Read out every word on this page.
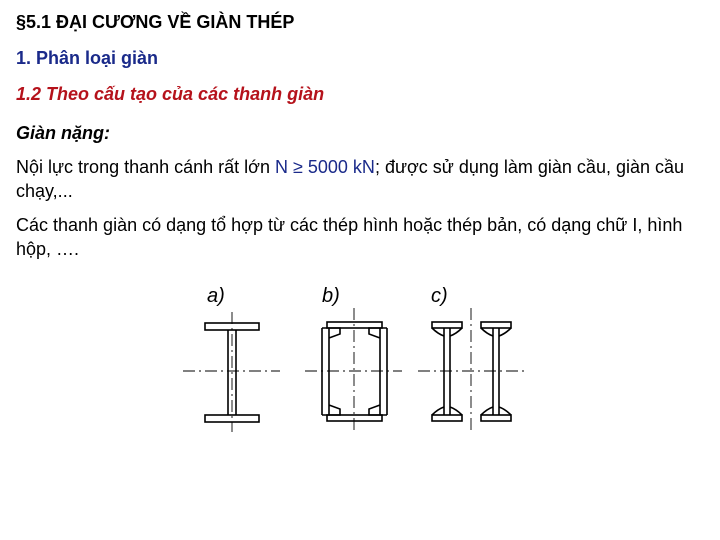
§5.1 ĐẠI CƯƠNG VỀ GIÀN THÉP
1. Phân loại giàn
1.2 Theo cấu tạo của các thanh giàn
Giàn nặng:
Nội lực trong thanh cánh rất lớn N ≥ 5000 kN; được sử dụng làm giàn cầu, giàn cầu chạy,...
Các thanh giàn có dạng tổ hợp từ các thép hình hoặc thép bản, có dạng chữ I, hình hộp, ….
a)	b)	c)
